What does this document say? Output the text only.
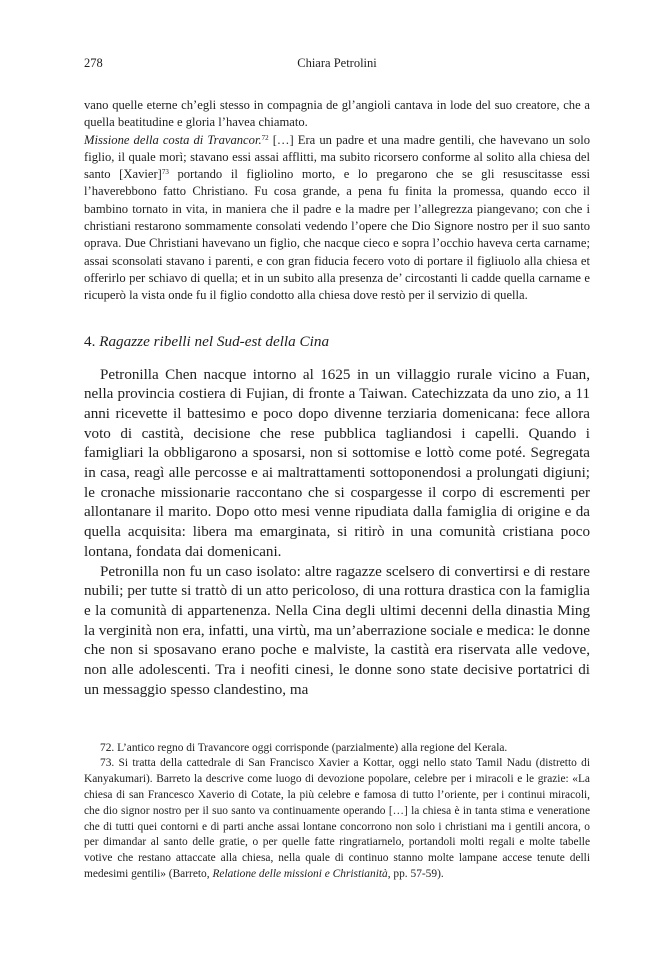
278	Chiara Petrolini

vano quelle eterne ch’egli stesso in compagnia de gl’angioli cantava in lode del suo creatore, che a quella beatitudine e gloria l’havea chiamato.

Missione della costa di Travancor.$^{72}$ […] Era un padre et una madre gentili, che havevano un solo figlio, il quale morì; stavano essi assai afflitti, ma subito ricorsero conforme al solito alla chiesa del santo [Xavier]$^{73}$ portando il figliolino morto, e lo pregarono che se gli resuscitasse essi l’haverebbono fatto Christiano. Fu cosa grande, a pena fu finita la promessa, quando ecco il bambino tornato in vita, in maniera che il padre e la madre per l’allegrezza piangevano; con che i christiani restarono sommamente consolati vedendo l’opere che Dio Signore nostro per il suo santo oprava. Due Christiani havevano un figlio, che nacque cieco e sopra l’occhio haveva certa carname; assai sconsolati stavano i parenti, e con gran fiducia fecero voto di portare il figliuolo alla chiesa et offerirlo per schiavo di quella; et in un subito alla presenza de’ circostanti li cadde quella carname e ricuperò la vista onde fu il figlio condotto alla chiesa dove restò per il servizio di quella.

4. Ragazze ribelli nel Sud-est della Cina

Petronilla Chen nacque intorno al 1625 in un villaggio rurale vicino a Fuan, nella provincia costiera di Fujian, di fronte a Taiwan. Catechizzata da uno zio, a 11 anni ricevette il battesimo e poco dopo divenne terziaria domenicana: fece allora voto di castità, decisione che rese pubblica tagliandosi i capelli. Quando i famigliari la obbligarono a sposarsi, non si sottomise e lottò come poté. Segregata in casa, reagì alle percosse e ai maltrattamenti sottoponendosi a prolungati digiuni; le cronache missionarie raccontano che si cospargesse il corpo di escrementi per allontanare il marito. Dopo otto mesi venne ripudiata dalla famiglia di origine e da quella acquisita: libera ma emarginata, si ritirò in una comunità cristiana poco lontana, fondata dai domenicani.

Petronilla non fu un caso isolato: altre ragazze scelsero di convertirsi e di restare nubili; per tutte si trattò di un atto pericoloso, di una rottura drastica con la famiglia e la comunità di appartenenza. Nella Cina degli ultimi decenni della dinastia Ming la verginità non era, infatti, una virtù, ma un’aberrazione sociale e medica: le donne che non si sposavano erano poche e malviste, la castità era riservata alle vedove, non alle adolescenti. Tra i neofiti cinesi, le donne sono state decisive portatrici di un messaggio spesso clandestino, ma

72. L’antico regno di Travancore oggi corrisponde (parzialmente) alla regione del Kerala.

73. Si tratta della cattedrale di San Francisco Xavier a Kottar, oggi nello stato Tamil Nadu (distretto di Kanyakumari). Barreto la descrive come luogo di devozione popolare, celebre per i miracoli e le grazie: «La chiesa di san Francesco Xaverio di Cotate, la più celebre e famosa di tutto l’oriente, per i continui miracoli, che dio signor nostro per il suo santo va continuamente operando […] la chiesa è in tanta stima e veneratione che di tutti quei contorni e di parti anche assai lontane concorrono non solo i christiani ma i gentili ancora, o per dimandar al santo delle gratie, o per quelle fatte ringratiarnelo, portandoli molti regali e molte tabelle votive che restano attaccate alla chiesa, nella quale di continuo stanno molte lampane accese tenute delli medesimi gentili» (Barreto, Relatione delle missioni e Christianità, pp. 57-59).
